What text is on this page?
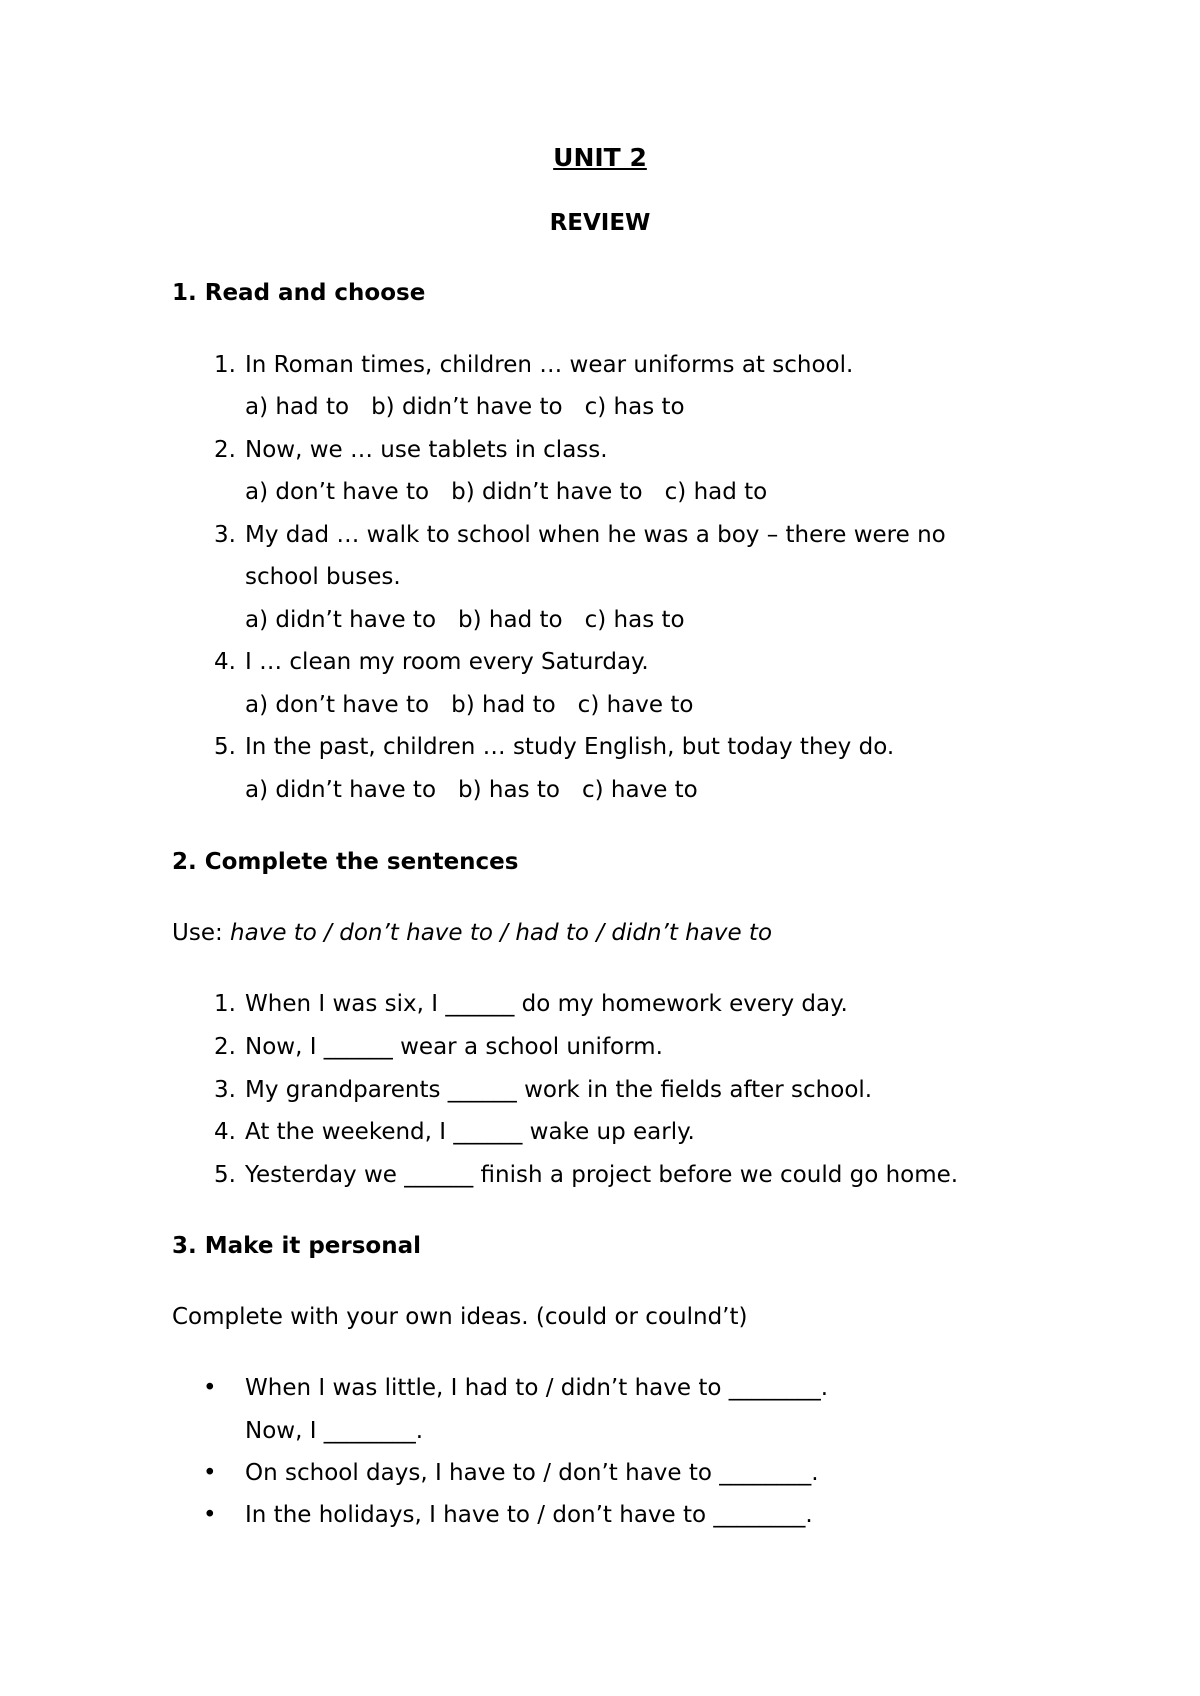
UNIT 2
REVIEW
1. Read and choose
1. In Roman times, children … wear uniforms at school.
a) had to b) didn’t have to c) has to
2. Now, we … use tablets in class.
a) don’t have to b) didn’t have to c) had to
3. My dad … walk to school when he was a boy – there were no
school buses.
a) didn’t have to b) had to c) has to
4. I … clean my room every Saturday.
a) don’t have to b) had to c) have to
5. In the past, children … study English, but today they do.
a) didn’t have to b) has to c) have to
2. Complete the sentences
Use: have to / don’t have to / had to / didn’t have to
1. When I was six, I ______ do my homework every day.
2. Now, I ______ wear a school uniform.
3. My grandparents ______ work in the fields after school.
4. At the weekend, I ______ wake up early.
5. Yesterday we ______ finish a project before we could go home.
3. Make it personal
Complete with your own ideas. (could or coulnd’t)
• When I was little, I had to / didn’t have to ________.
Now, I ________.
• On school days, I have to / don’t have to ________.
• In the holidays, I have to / don’t have to ________.
